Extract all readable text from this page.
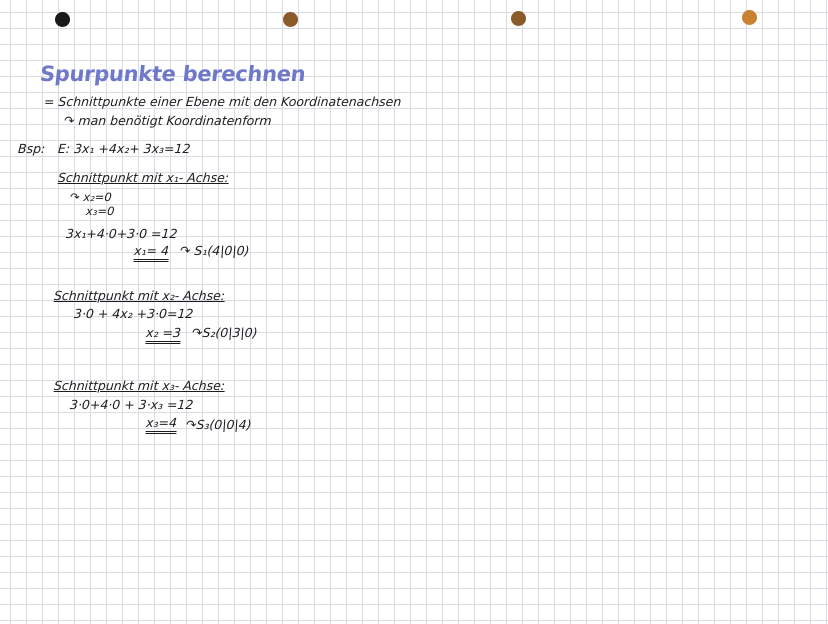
Spurpunkte berechnen
= Schnittpunkte einer Ebene mit den Koordinatenachsen
↷ man benötigt Koordinatenform
Bsp: E: 3x₁ +4x₂+ 3x₃=12
Schnittpunkt mit x₁- Achse:
↷ x₂=0
x₃=0
3x₁+4·0+3·0 =12
x₁= 4 ↷ S₁(4|0|0)
Schnittpunkt mit x₂- Achse:
3·0 + 4x₂ +3·0=12
x₂ =3 ↷S₂(0|3|0)
Schnittpunkt mit x₃- Achse:
3·0+4·0 + 3·x₃ =12
x₃=4 ↷S₃(0|0|4)
